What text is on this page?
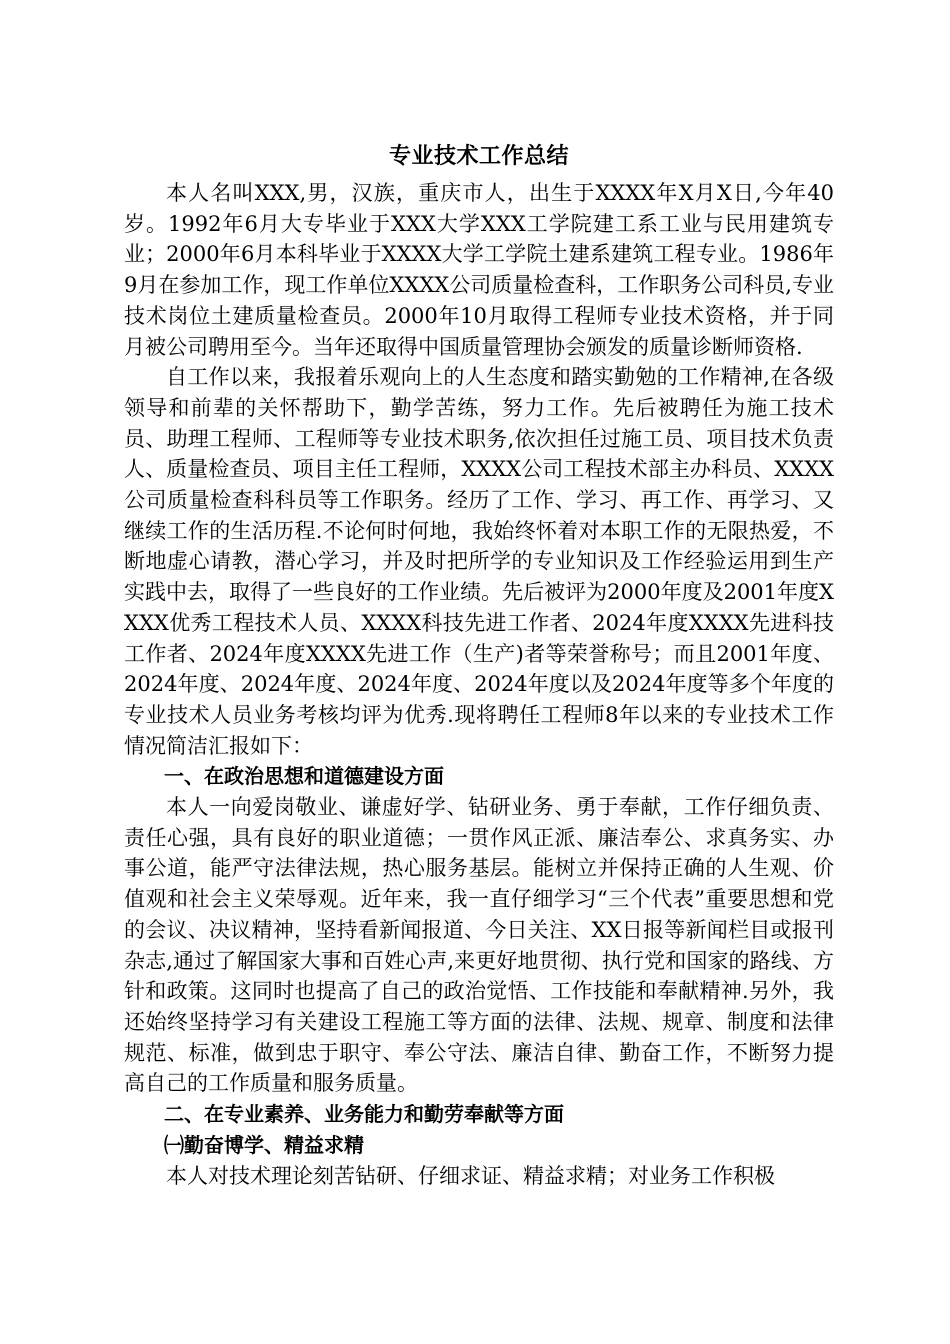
专业技术工作总结

本人名叫XXX,男，汉族，重庆市人，出生于XXXX年X月X日,今年40岁。1992年6月大专毕业于XXX大学XXX工学院建工系工业与民用建筑专业；2000年6月本科毕业于XXXX大学工学院土建系建筑工程专业。1986年9月在参加工作，现工作单位XXXX公司质量检查科，工作职务公司科员,专业技术岗位土建质量检查员。2000年10月取得工程师专业技术资格，并于同月被公司聘用至今。当年还取得中国质量管理协会颁发的质量诊断师资格.

自工作以来，我报着乐观向上的人生态度和踏实勤勉的工作精神,在各级领导和前辈的关怀帮助下，勤学苦练，努力工作。先后被聘任为施工技术员、助理工程师、工程师等专业技术职务,依次担任过施工员、项目技术负责人、质量检查员、项目主任工程师，XXXX公司工程技术部主办科员、XXXX公司质量检查科科员等工作职务。经历了工作、学习、再工作、再学习、又继续工作的生活历程.不论何时何地，我始终怀着对本职工作的无限热爱，不断地虚心请教，潜心学习，并及时把所学的专业知识及工作经验运用到生产实践中去，取得了一些良好的工作业绩。先后被评为2000年度及2001年度XXXX优秀工程技术人员、XXXX科技先进工作者、2024年度XXXX先进科技工作者、2024年度XXXX先进工作（生产)者等荣誉称号；而且2001年度、2024年度、2024年度、2024年度、2024年度以及2024年度等多个年度的专业技术人员业务考核均评为优秀.现将聘任工程师8年以来的专业技术工作情况简洁汇报如下：

一、在政治思想和道德建设方面

本人一向爱岗敬业、谦虚好学、钻研业务、勇于奉献，工作仔细负责、责任心强，具有良好的职业道德；一贯作风正派、廉洁奉公、求真务实、办事公道，能严守法律法规，热心服务基层。能树立并保持正确的人生观、价值观和社会主义荣辱观。近年来，我一直仔细学习“三个代表”重要思想和党的会议、决议精神，坚持看新闻报道、今日关注、XX日报等新闻栏目或报刊杂志,通过了解国家大事和百姓心声,来更好地贯彻、执行党和国家的路线、方针和政策。这同时也提高了自己的政治觉悟、工作技能和奉献精神.另外，我还始终坚持学习有关建设工程施工等方面的法律、法规、规章、制度和法律规范、标准，做到忠于职守、奉公守法、廉洁自律、勤奋工作，不断努力提高自己的工作质量和服务质量。

二、在专业素养、业务能力和勤劳奉献等方面
㈠勤奋博学、精益求精

本人对技术理论刻苦钻研、仔细求证、精益求精；对业务工作积极
